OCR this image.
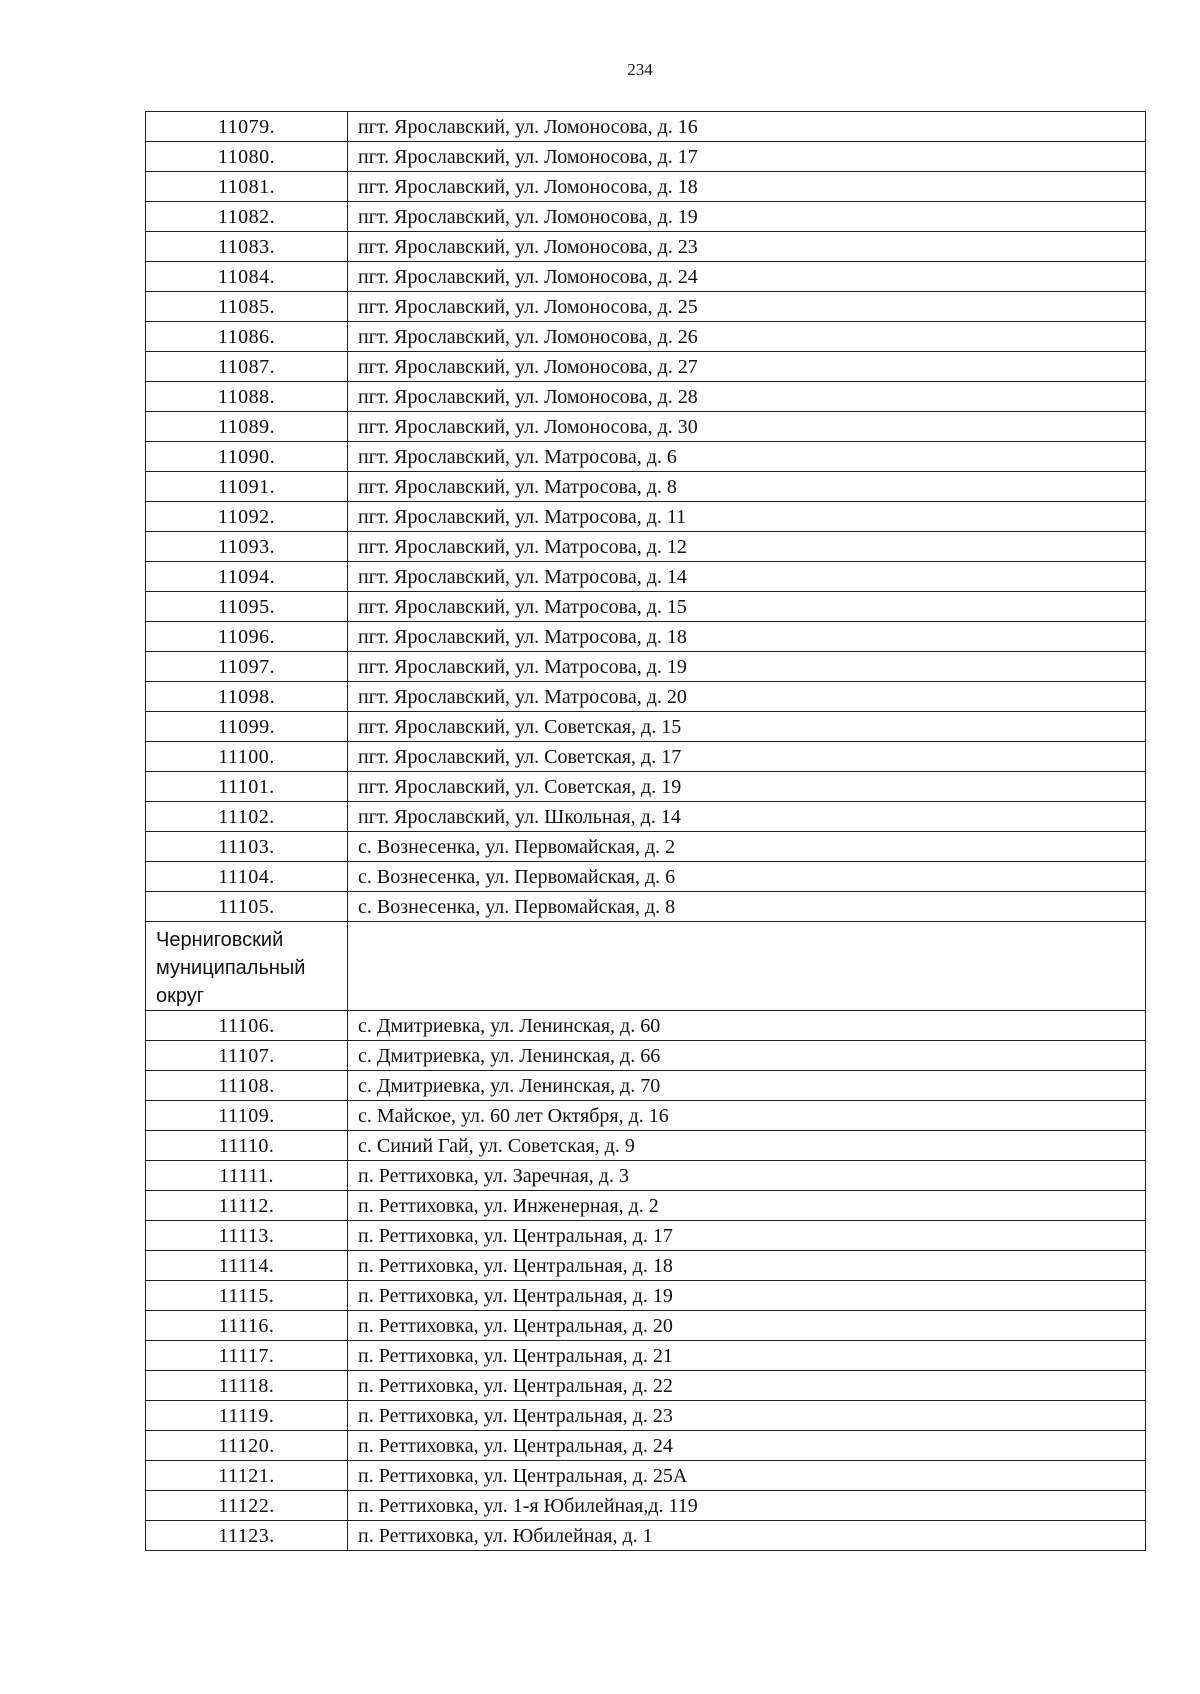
234
11079.	пгт. Ярославский, ул. Ломоносова, д. 16
11080.	пгт. Ярославский, ул. Ломоносова, д. 17
11081.	пгт. Ярославский, ул. Ломоносова, д. 18
11082.	пгт. Ярославский, ул. Ломоносова, д. 19
11083.	пгт. Ярославский, ул. Ломоносова, д. 23
11084.	пгт. Ярославский, ул. Ломоносова, д. 24
11085.	пгт. Ярославский, ул. Ломоносова, д. 25
11086.	пгт. Ярославский, ул. Ломоносова, д. 26
11087.	пгт. Ярославский, ул. Ломоносова, д. 27
11088.	пгт. Ярославский, ул. Ломоносова, д. 28
11089.	пгт. Ярославский, ул. Ломоносова, д. 30
11090.	пгт. Ярославский, ул. Матросова, д. 6
11091.	пгт. Ярославский, ул. Матросова, д. 8
11092.	пгт. Ярославский, ул. Матросова, д. 11
11093.	пгт. Ярославский, ул. Матросова, д. 12
11094.	пгт. Ярославский, ул. Матросова, д. 14
11095.	пгт. Ярославский, ул. Матросова, д. 15
11096.	пгт. Ярославский, ул. Матросова, д. 18
11097.	пгт. Ярославский, ул. Матросова, д. 19
11098.	пгт. Ярославский, ул. Матросова, д. 20
11099.	пгт. Ярославский, ул. Советская, д. 15
11100.	пгт. Ярославский, ул. Советская, д. 17
11101.	пгт. Ярославский, ул. Советская, д. 19
11102.	пгт. Ярославский, ул. Школьная, д. 14
11103.	с. Вознесенка, ул. Первомайская, д. 2
11104.	с. Вознесенка, ул. Первомайская, д. 6
11105.	с. Вознесенка, ул. Первомайская, д. 8
Черниговский
муниципальный
округ	
11106.	с. Дмитриевка, ул. Ленинская, д. 60
11107.	с. Дмитриевка, ул. Ленинская, д. 66
11108.	с. Дмитриевка, ул. Ленинская, д. 70
11109.	с. Майское, ул. 60 лет Октября, д. 16
11110.	с. Синий Гай, ул. Советская, д. 9
11111.	п. Реттиховка, ул. Заречная, д. 3
11112.	п. Реттиховка, ул. Инженерная, д. 2
11113.	п. Реттиховка, ул. Центральная, д. 17
11114.	п. Реттиховка, ул. Центральная, д. 18
11115.	п. Реттиховка, ул. Центральная, д. 19
11116.	п. Реттиховка, ул. Центральная, д. 20
11117.	п. Реттиховка, ул. Центральная, д. 21
11118.	п. Реттиховка, ул. Центральная, д. 22
11119.	п. Реттиховка, ул. Центральная, д. 23
11120.	п. Реттиховка, ул. Центральная, д. 24
11121.	п. Реттиховка, ул. Центральная, д. 25А
11122.	п. Реттиховка, ул. 1-я Юбилейная,д. 119
11123.	п. Реттиховка, ул. Юбилейная, д. 1
